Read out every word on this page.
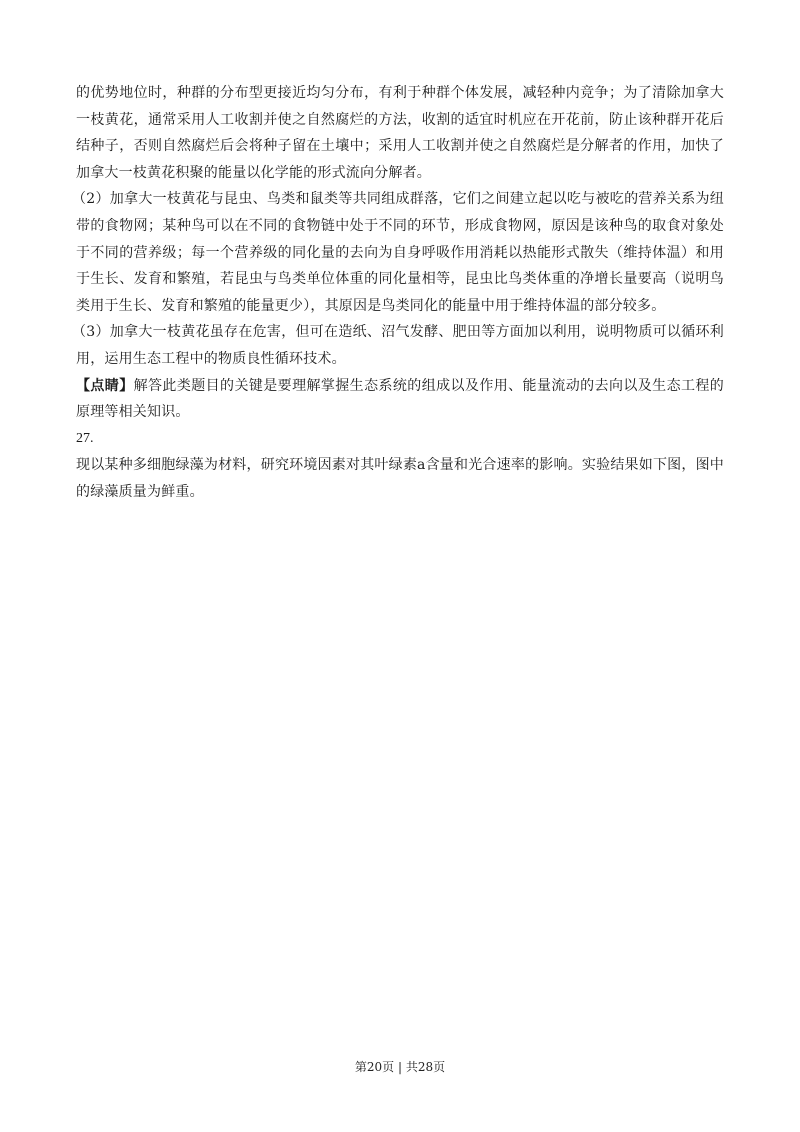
的优势地位时，种群的分布型更接近均匀分布，有利于种群个体发展，减轻种内竞争；为了清除加拿大一枝黄花，通常采用人工收割并使之自然腐烂的方法，收割的适宜时机应在开花前，防止该种群开花后结种子，否则自然腐烂后会将种子留在土壤中；采用人工收割并使之自然腐烂是分解者的作用，加快了加拿大一枝黄花积聚的能量以化学能的形式流向分解者。

（2）加拿大一枝黄花与昆虫、鸟类和鼠类等共同组成群落，它们之间建立起以吃与被吃的营养关系为纽带的食物网；某种鸟可以在不同的食物链中处于不同的环节，形成食物网，原因是该种鸟的取食对象处于不同的营养级；每一个营养级的同化量的去向为自身呼吸作用消耗以热能形式散失（维持体温）和用于生长、发育和繁殖，若昆虫与鸟类单位体重的同化量相等，昆虫比鸟类体重的净增长量要高（说明鸟类用于生长、发育和繁殖的能量更少），其原因是鸟类同化的能量中用于维持体温的部分较多。

（3）加拿大一枝黄花虽存在危害，但可在造纸、沼气发酵、肥田等方面加以利用，说明物质可以循环利用，运用生态工程中的物质良性循环技术。

【点睛】解答此类题目的关键是要理解掌握生态系统的组成以及作用、能量流动的去向以及生态工程的原理等相关知识。

27.

现以某种多细胞绿藻为材料，研究环境因素对其叶绿素a含量和光合速率的影响。实验结果如下图，图中的绿藻质量为鲜重。

第20页 | 共28页
